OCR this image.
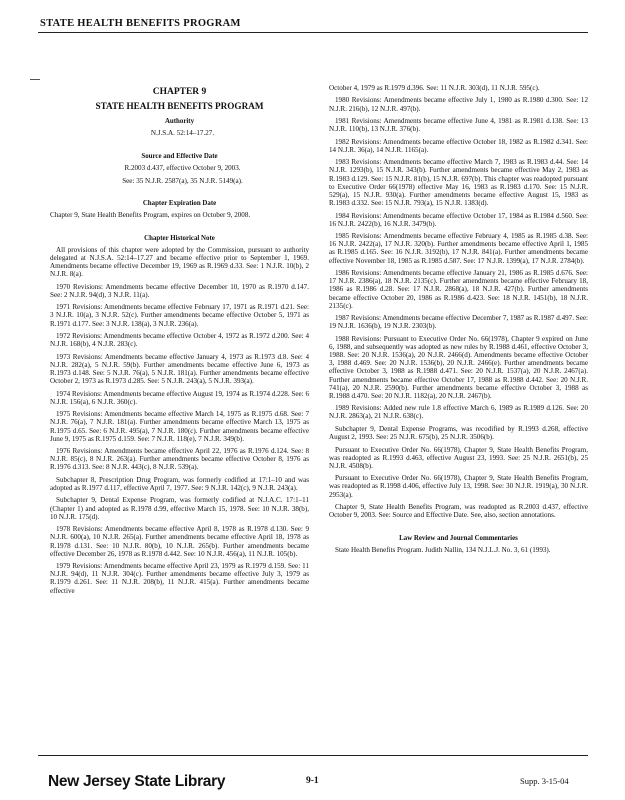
STATE HEALTH BENEFITS PROGRAM
CHAPTER 9
STATE HEALTH BENEFITS PROGRAM
Authority

N.J.S.A. 52:14–17.27.

Source and Effective Date

R.2003 d.437, effective October 9, 2003.

See: 35 N.J.R. 2587(a), 35 N.J.R. 5149(a).

Chapter Expiration Date

Chapter 9, State Health Benefits Program, expires on October 9, 2008.

Chapter Historical Note

All provisions of this chapter were adopted by the Commission, pursuant to authority delegated at N.J.S.A. 52:14–17.27 and became effective prior to September 1, 1969. Amendments became effective December 19, 1969 as R.1969 d.33. See: 1 N.J.R. 10(b), 2 N.J.R. 8(a).

1970 Revisions: Amendments became effective December 10, 1970 as R.1970 d.147. See: 2 N.J.R. 94(d), 3 N.J.R. 11(a).

1971 Revisions: Amendments became effective February 17, 1971 as R.1971 d.21. See: 3 N.J.R. 10(a), 3 N.J.R. 52(c). Further amendments became effective October 5, 1971 as R.1971 d.177. See: 3 N.J.R. 138(a), 3 N.J.R. 236(a).

1972 Revisions: Amendments became effective October 4, 1972 as R.1972 d.200. See: 4 N.J.R. 168(b), 4 N.J.R. 283(c).

1973 Revisions: Amendments became effective January 4, 1973 as R.1973 d.8. See: 4 N.J.R. 282(a), 5 N.J.R. 59(b). Further amendments became effective June 6, 1973 as R.1973 d.148. See: 5 N.J.R. 76(a), 5 N.J.R. 181(a). Further amendments became effective October 2, 1973 as R.1973 d.285. See: 5 N.J.R. 243(a), 5 N.J.R. 393(a).

1974 Revisions: Amendments became effective August 19, 1974 as R.1974 d.228. See: 6 N.J.R. 156(a), 6 N.J.R. 360(c).

1975 Revisions: Amendments became effective March 14, 1975 as R.1975 d.68. See: 7 N.J.R. 76(a), 7 N.J.R. 181(a). Further amendments became effective March 13, 1975 as R.1975 d.65. See: 6 N.J.R. 495(a), 7 N.J.R. 180(c). Further amendments became effective June 9, 1975 as R.1975 d.159. See: 7 N.J.R. 118(e), 7 N.J.R. 349(b).

1976 Revisions: Amendments became effective April 22, 1976 as R.1976 d.124. See: 8 N.J.R. 85(c), 8 N.J.R. 263(a). Further amendments became effective October 8, 1976 as R.1976 d.313. See: 8 N.J.R. 443(c), 8 N.J.R. 539(a).

Subchapter 8, Prescription Drug Program, was formerly codified at 17:1–10 and was adopted as R.1977 d.117, effective April 7, 1977. See: 9 N.J.R. 142(c), 9 N.J.R. 243(a).

Subchapter 9, Dental Expense Program, was formerly codified at N.J.A.C. 17:1–11 (Chapter 1) and adopted as R.1978 d.99, effective March 15, 1978. See: 10 N.J.R. 38(b), 10 N.J.R. 175(d).

1978 Revisions: Amendments became effective April 8, 1978 as R.1978 d.130. See: 9 N.J.R. 600(a), 10 N.J.R. 265(a). Further amendments became effective April 18, 1978 as R.1978 d.131. See: 10 N.J.R. 80(b), 10 N.J.R. 265(b). Further amendments became effective December 26, 1978 as R.1978 d.442. See: 10 N.J.R. 456(a), 11 N.J.R. 105(b).

1979 Revisions: Amendments became effective April 23, 1979 as R.1979 d.159. See: 11 N.J.R. 94(d), 11 N.J.R. 304(c). Further amendments became effective July 3, 1979 as R.1979 d.261. See: 11 N.J.R. 208(b), 11 N.J.R. 415(a). Further amendments became effective

October 4, 1979 as R.1979 d.396. See: 11 N.J.R. 303(d), 11 N.J.R. 595(c).

1980 Revisions: Amendments became effective July 1, 1980 as R.1980 d.300. See: 12 N.J.R. 216(b), 12 N.J.R. 497(b).

1981 Revisions: Amendments became effective June 4, 1981 as R.1981 d.138. See: 13 N.J.R. 110(b), 13 N.J.R. 376(b).

1982 Revisions: Amendments became effective October 18, 1982 as R.1982 d.341. See: 14 N.J.R. 36(a), 14 N.J.R. 1165(a).

1983 Revisions: Amendments became effective March 7, 1983 as R.1983 d.44. See: 14 N.J.R. 1293(b), 15 N.J.R. 343(b). Further amendments became effective May 2, 1983 as R.1983 d.129. See: 15 N.J.R. 81(b), 15 N.J.R. 697(b). This chapter was readopted pursuant to Executive Order 66(1978) effective May 16, 1983 as R.1983 d.170. See: 15 N.J.R. 529(a), 15 N.J.R. 930(a). Further amendments became effective August 15, 1983 as R.1983 d.332. See: 15 N.J.R. 793(a), 15 N.J.R. 1383(d).

1984 Revisions: Amendments became effective October 17, 1984 as R.1984 d.560. See: 16 N.J.R. 2422(b), 16 N.J.R. 3479(b).

1985 Revisions: Amendments became effective February 4, 1985 as R.1985 d.38. See: 16 N.J.R. 2422(a), 17 N.J.R. 320(b). Further amendments became effective April 1, 1985 as R.1985 d.165. See: 16 N.J.R. 3192(b), 17 N.J.R. 841(a). Further amendments became effective November 18, 1985 as R.1985 d.587. See: 17 N.J.R. 1399(a), 17 N.J.R. 2784(b).

1986 Revisions: Amendments became effective January 21, 1986 as R.1985 d.676. See: 17 N.J.R. 2386(a), 18 N.J.R. 2135(c). Further amendments became effective February 18, 1986 as R.1986 d.28. See: 17 N.J.R. 2868(a), 18 N.J.R. 427(b). Further amendments became effective October 20, 1986 as R.1986 d.423. See: 18 N.J.R. 1451(b), 18 N.J.R. 2135(c).

1987 Revisions: Amendments became effective December 7, 1987 as R.1987 d.497. See: 19 N.J.R. 1636(b), 19 N.J.R. 2303(b).

1988 Revisions: Pursuant to Executive Order No. 66(1978), Chapter 9 expired on June 6, 1988, and subsequently was adopted as new rules by R.1988 d.461, effective October 3, 1988. See: 20 N.J.R. 1536(a), 20 N.J.R. 2466(d). Amendments became effective October 3, 1988 d.469. See: 20 N.J.R. 1536(b), 20 N.J.R. 2466(e). Further amendments became effective October 3, 1988 as R.1988 d.471. See: 20 N.J.R. 1537(a), 20 N.J.R. 2467(a). Further amendments became effective October 17, 1988 as R.1988 d.442. See: 20 N.J.R. 741(a), 20 N.J.R. 2590(b). Further amendments became effective October 3, 1988 as R.1988 d.470. See: 20 N.J.R. 1182(a), 20 N.J.R. 2467(b).

1989 Revisions: Added new rule 1.8 effective March 6, 1989 as R.1989 d.126. See: 20 N.J.R. 2863(a), 21 N.J.R. 638(c).

Subchapter 9, Dental Expense Programs, was recodified by R.1993 d.268, effective August 2, 1993. See: 25 N.J.R. 675(b), 25 N.J.R. 3506(b).

Pursuant to Executive Order No. 66(1978), Chapter 9, State Health Benefits Program, was readopted as R.1993 d.463, effective August 23, 1993. See: 25 N.J.R. 2651(b), 25 N.J.R. 4508(b).

Pursuant to Executive Order No. 66(1978), Chapter 9, State Health Benefits Program, was readopted as R.1998 d.406, effective July 13, 1998. See: 30 N.J.R. 1919(a), 30 N.J.R. 2953(a).

Chapter 9, State Health Benefits Program, was readopted as R.2003 d.437, effective October 9, 2003. See: Source and Effective Date. See, also, section annotations.

Law Review and Journal Commentaries

State Health Benefits Program. Judith Nallin, 134 N.J.L.J. No. 3, 61 (1993).

New Jersey State Library	9-1	Supp. 3-15-04
